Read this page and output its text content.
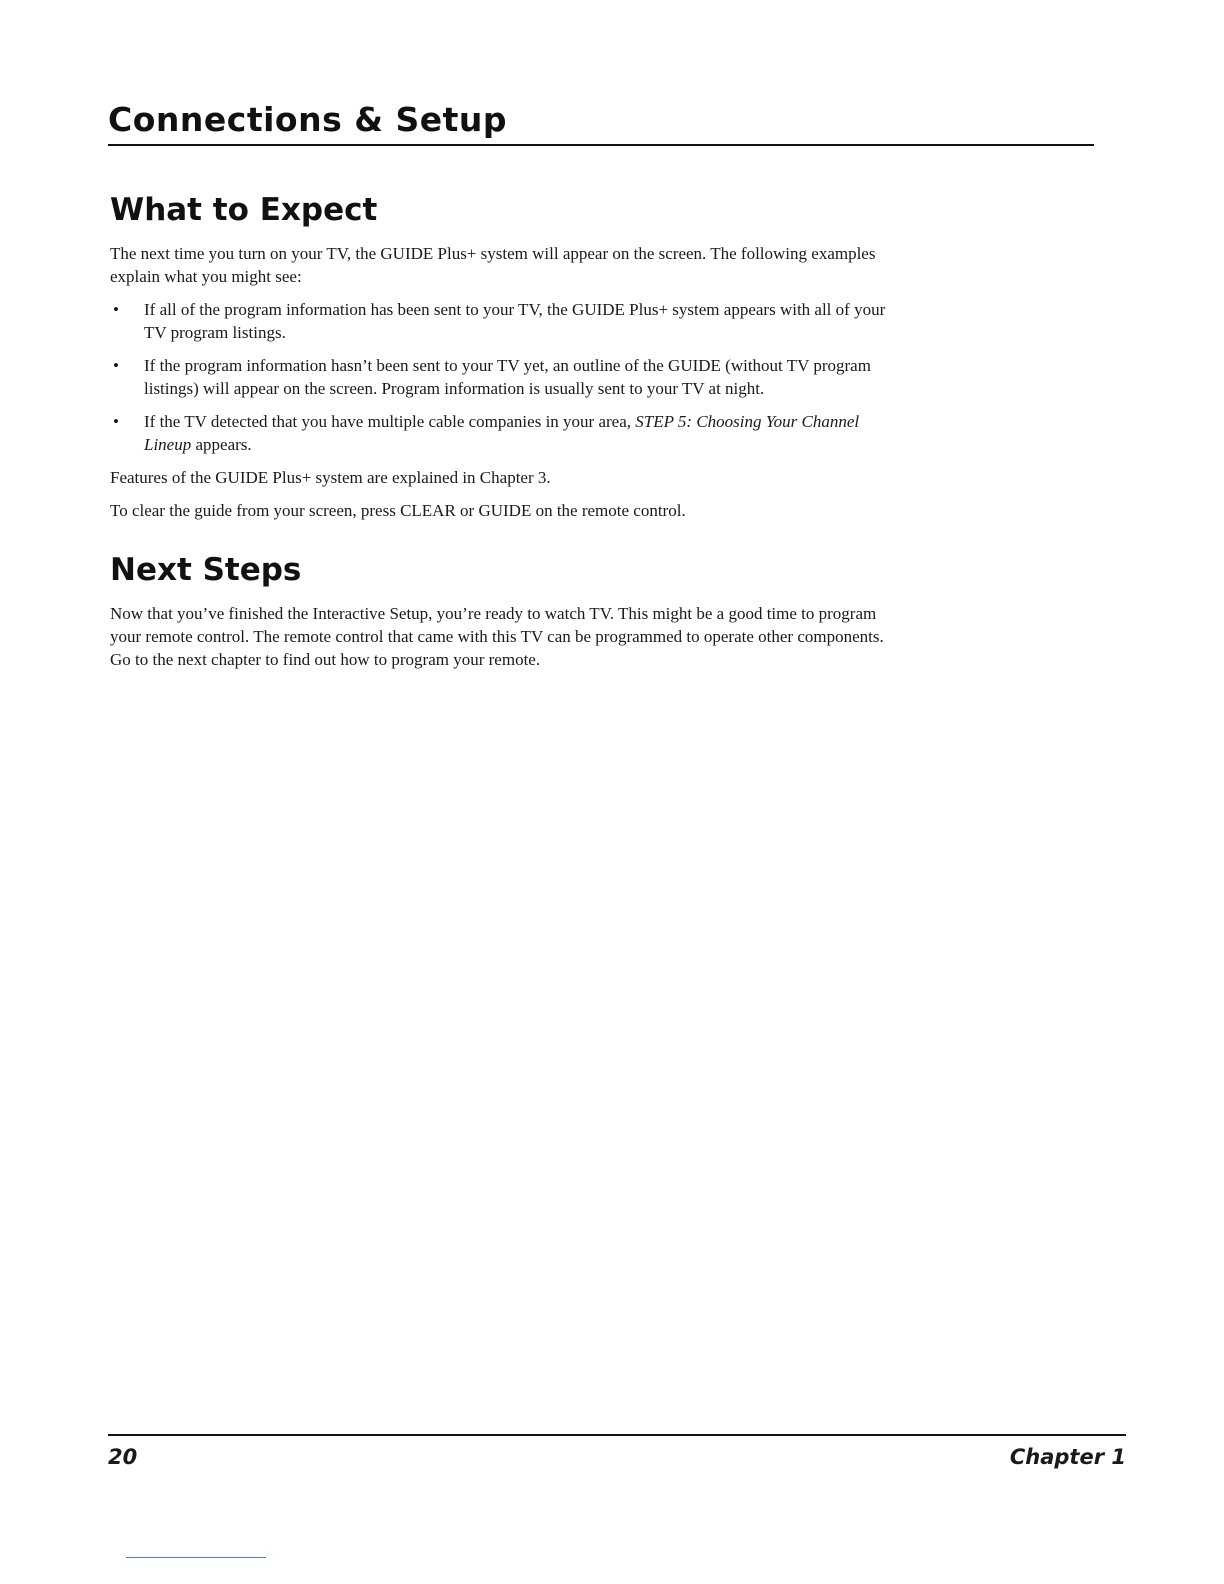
Connections & Setup
What to Expect

The next time you turn on your TV, the GUIDE Plus+ system will appear on the screen. The following examples explain what you might see:

• If all of the program information has been sent to your TV, the GUIDE Plus+ system appears with all of your TV program listings.
• If the program information hasn’t been sent to your TV yet, an outline of the GUIDE (without TV program listings) will appear on the screen. Program information is usually sent to your TV at night.
• If the TV detected that you have multiple cable companies in your area, STEP 5: Choosing Your Channel Lineup appears.

Features of the GUIDE Plus+ system are explained in Chapter 3.

To clear the guide from your screen, press CLEAR or GUIDE on the remote control.

Next Steps

Now that you’ve finished the Interactive Setup, you’re ready to watch TV. This might be a good time to program your remote control. The remote control that came with this TV can be programmed to operate other components. Go to the next chapter to find out how to program your remote.

20	Chapter 1
